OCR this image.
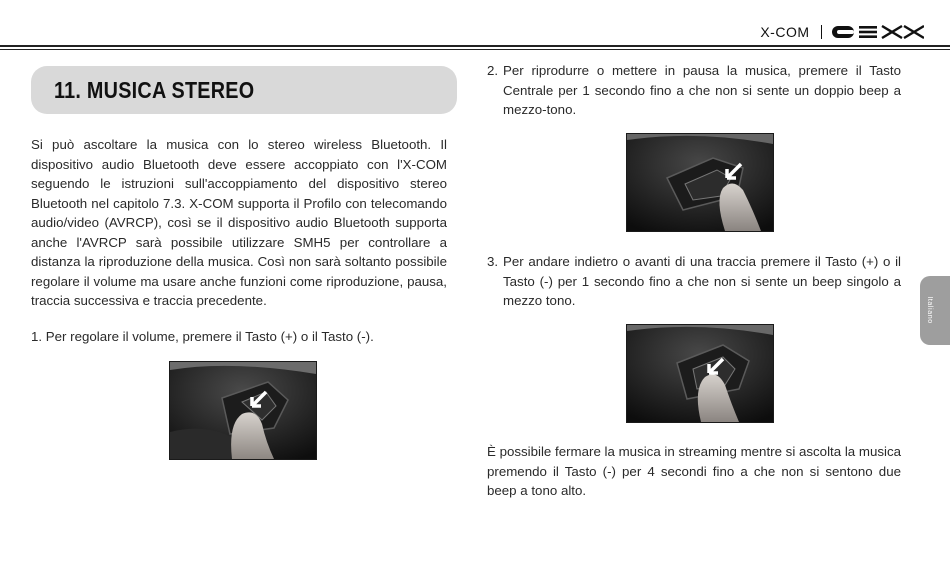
X-COM
11. MUSICA STEREO

Si può ascoltare la musica con lo stereo wireless Bluetooth. Il dispositivo audio Bluetooth deve essere accoppiato con l'X-COM seguendo le istruzioni sull'accoppiamento del dispositivo stereo Bluetooth nel capitolo 7.3. X-COM supporta il Profilo con telecomando audio/video (AVRCP), così se il dispositivo audio Bluetooth supporta anche l'AVRCP sarà possibile utilizzare SMH5 per controllare a distanza la riproduzione della musica. Così non sarà soltanto possibile regolare il volume ma usare anche funzioni come riproduzione, pausa, traccia successiva e traccia precedente.

1. Per regolare il volume, premere il Tasto (+) o il Tasto (-).
2. Per riprodurre o mettere in pausa la musica, premere il Tasto Centrale per 1 secondo fino a che non si sente un doppio beep a mezzo-tono.
3. Per andare indietro o avanti di una traccia premere il Tasto (+) o il Tasto (-) per 1 secondo fino a che non si sente un beep singolo a mezzo tono.

È possibile fermare la musica in streaming mentre si ascolta la musica premendo il Tasto (-) per 4 secondi fino a che non si sentono due beep a tono alto.

Italiano
